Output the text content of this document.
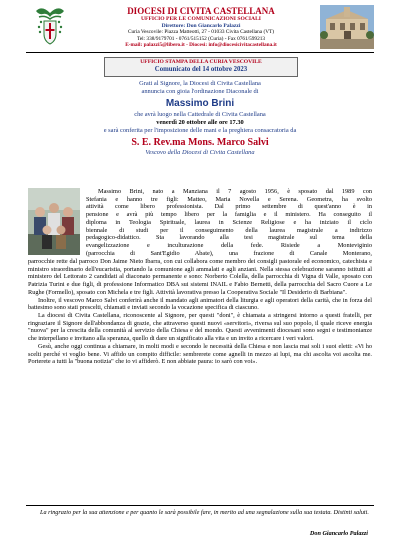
DIOCESI DI CIVITA CASTELLANA
UFFICIO PER LE COMUNICAZIONI SOCIALI
Direttore: Don Giancarlo Palazzi
Curia Vescovile: Piazza Matteotti, 27 - 01033 Civita Castellana (VT)
Tel: 338/9179701 - 0761/515152 (Curia) - Fax 0761/599213
E-mail: palazzi5@libero.it - Diocesi: info@diocesicivitacastellana.it
UFFICIO STAMPA DELLA CURIA VESCOVILE
Comunicato del 14 ottobre 2023
Grati al Signore, la Diocesi di Civita Castellana
annuncia con gioia l'ordinazione Diaconale di
Massimo Brini
che avrà luogo nella Cattedrale di Civita Castellana
venerdì 20 ottobre alle ore 17.30
e sarà conferita per l'imposizione delle mani e la preghiera consacratoria da
S. E. Rev.ma Mons. Marco Salvi
Vescovo della Diocesi di Civita Castellana
Massimo Brini, nato a Manziana il 7 agosto 1956, è sposato dal 1989 con
Stefania e hanno tre figli: Matteo, Maria Novella e Serena. Geometra, ha svolto
attività come libero professionista. Dal primo settembre di quest'anno è in
pensione e avrà più tempo libero per la famiglia e il ministero. Ha conseguito il
diploma in Teologia Spirituale, laurea in Scienze Religiose e ha iniziato il ciclo
biennale di studi per il conseguimento della laurea magistrale a indirizzo
pedagogico-didattico. Sta lavorando alla tesi magistrale sul tema della
evangelizzazione e inculturazione della fede. Risiede a Monteviginio
(parrocchia di Sant'Egidio Abate), una frazione di Canale Monterano,

parrocchie rette dal parroco Don Jaime Nieto Ibarra, con cui collabora come membro dei consigli pastorale ed economico, catechista e ministro straordinario dell'eucaristia, portando la comunione agli ammalati e agli anziani. Nella stessa celebrazione saranno istituiti al ministero del Lettorato 2 candidati al diaconato permanente e sono: Norberto Colella, della parrocchia di Vigna di Valle, sposato con Patrizia Turini e due figli, di professione Informatico DBA sui sistemi INAIL e Fabio Bernetti, della parrocchia del Sacro Cuore a Le Rughe (Formello), sposato con Michela e tre figli. Attività lavorativa presso la Cooperativa Sociale "Il Desiderio di Barbiana".

Inoltre, il vescovo Marco Salvi conferirà anche il mandato agli animatori della liturgia e agli operatori della carità, che in forza del battesimo sono stati prescelti, chiamati e inviati secondo la vocazione specifica di ciascuno.

La diocesi di Civita Castellana, riconoscente al Signore, per questi "doni", è chiamata a stringersi intorno a questi fratelli, per ringraziare il Signore dell'abbondanza di grazie, che attraverso questi nuovi «servitori», riversa sul suo popolo, il quale riceve energia "nuova" per la crescita della comunità al servizio della Chiesa e del mondo. Questi avvenimenti diocesani sono segni e testimonianze che interpellano e invitano alla speranza, quello di dare un significato alla vita e un invito a ricercare i veri valori.

Gesù, anche oggi continua a chiamare, in molti modi e secondo le necessità della Chiesa e non lascia mai soli i suoi eletti: «Vi ho scelti perché vi voglio bene. Vi affido un compito difficile: sembrerete come agnelli in mezzo ai lupi, ma chi ascolta voi ascolta me. Porterete a tutti la "buona notizia" che io vi affiderò. E non abbiate paura: io sarò con voi».

La ringrazio per la sua attenzione e per quanto le sarà possibile fare, in merito ad una segnalazione sulla sua testata. Distinti saluti.
Don Giancarlo Palazzi
